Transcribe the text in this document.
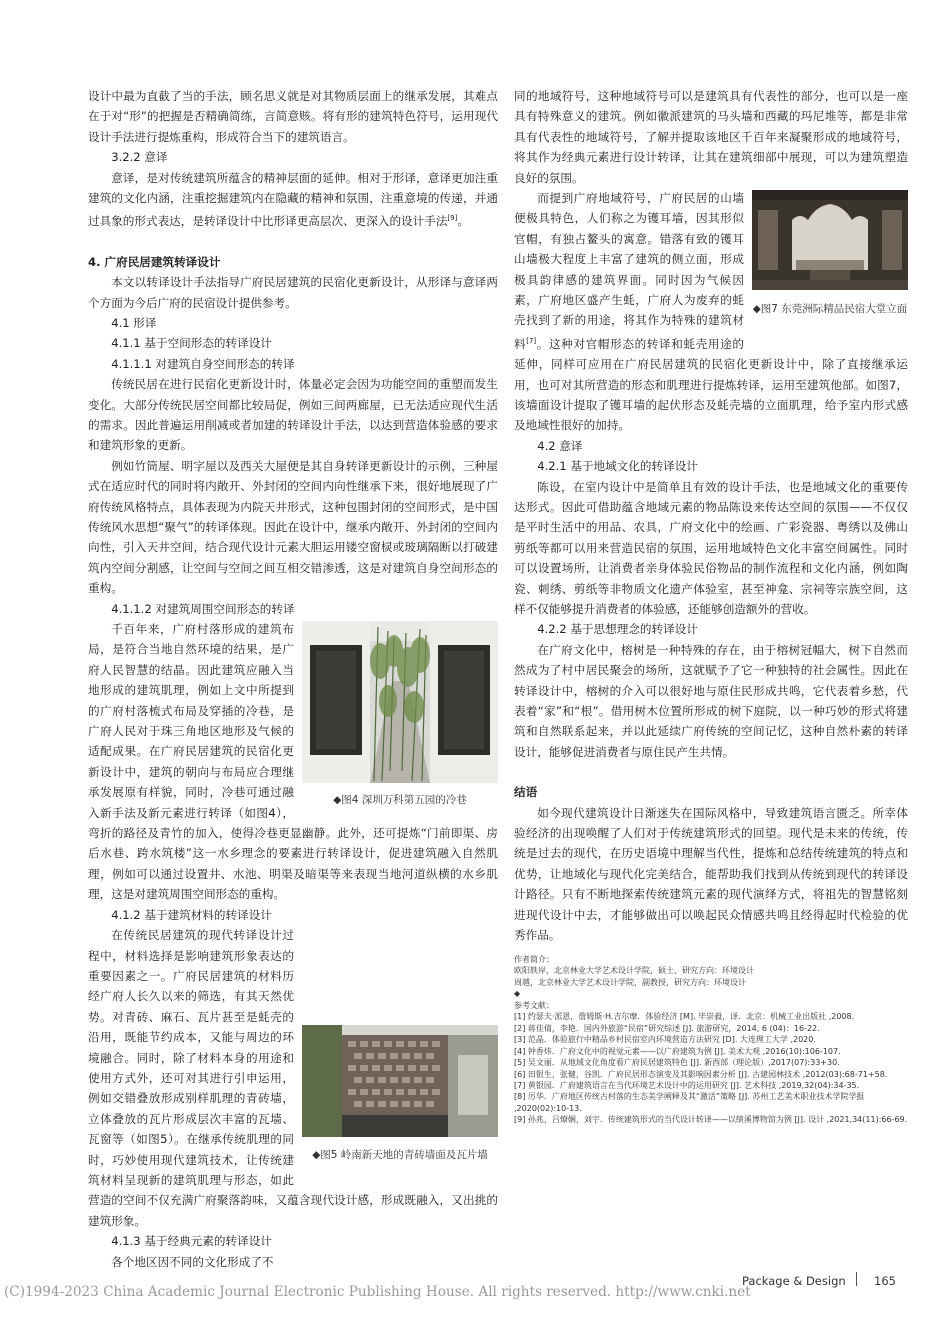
设计中最为直截了当的手法，顾名思义就是对其物质层面上的继承发展，其难点在于对“形”的把握是否精确简练，言简意赅。将有形的建筑特色符号，运用现代设计手法进行提炼重构，形成符合当下的建筑语言。

3.2.2 意译

意译，是对传统建筑所蕴含的精神层面的延伸。相对于形译，意译更加注重建筑的文化内涵，注重挖掘建筑内在隐藏的精神和氛围，注重意境的传递，并通过具象的形式表达，是转译设计中比形译更高层次、更深入的设计手法[9]。

4. 广府民居建筑转译设计

本文以转译设计手法指导广府民居建筑的民宿化更新设计，从形译与意译两个方面为今后广府的民宿设计提供参考。

4.1 形译
4.1.1 基于空间形态的转译设计
4.1.1.1 对建筑自身空间形态的转译

传统民居在进行民宿化更新设计时，体量必定会因为功能空间的重塑而发生变化。大部分传统民居空间都比较局促，例如三间两廊屋，已无法适应现代生活的需求。因此普遍运用削减或者加建的转译设计手法，以达到营造体验感的要求和建筑形象的更新。

例如竹筒屋、明字屋以及西关大屋便是其自身转译更新设计的示例，三种屋式在适应时代的同时将内敞开、外封闭的空间内向性继承下来，很好地展现了广府传统风格特点，具体表现为内院天井形式，这种包围封闭的空间形式，是中国传统风水思想“聚气”的转译体现。因此在设计中，继承内敞开、外封闭的空间内向性，引入天井空间，结合现代设计元素大胆运用镂空窗棂或玻璃隔断以打破建筑内空间分割感，让空间与空间之间互相交错渗透，这是对建筑自身空间形态的重构。

4.1.1.2 对建筑周围空间形态的转译
◆图4 深圳万科第五园的冷巷

千百年来，广府村落形成的建筑布局，是符合当地自然环境的结果，是广府人民智慧的结晶。因此建筑应融入当地形成的建筑肌理，例如上文中所提到的广府村落梳式布局及穿插的冷巷，是广府人民对于珠三角地区地形及气候的适配成果。在广府民居建筑的民宿化更新设计中，建筑的朝向与布局应合理继承发展原有样貌，同时，冷巷可通过融入新手法及新元素进行转译（如图4），弯折的路径及青竹的加入，使得冷巷更显幽静。此外，还可提炼“门前即渠、房后水巷、跨水筑楼”这一水乡理念的要素进行转译设计，促进建筑融入自然肌理，例如可以通过设置井、水池、明渠及暗渠等来表现当地河道纵横的水乡肌理，这是对建筑周围空间形态的重构。

4.1.2 基于建筑材料的转译设计
◆图5 岭南新天地的青砖墙面及瓦片墙

在传统民居建筑的现代转译设计过程中，材料选择是影响建筑形象表达的重要因素之一。广府民居建筑的材料历经广府人长久以来的筛选，有其天然优势。对青砖、麻石、瓦片甚至是蚝壳的沿用，既能节约成本，又能与周边的环境融合。同时，除了材料本身的用途和使用方式外，还可对其进行引申运用，例如交错叠放形成别样肌理的青砖墙，立体叠放的瓦片形成层次丰富的瓦墙、瓦窗等（如图5）。在继承传统肌理的同时，巧妙使用现代建筑技术，让传统建筑材料呈现新的建筑肌理与形态，如此营造的空间不仅充满广府聚落韵味，又蕴含现代设计感，形成既融入，又出挑的建筑形象。

4.1.3 基于经典元素的转译设计

各个地区因不同的文化形成了不

同的地域符号，这种地域符号可以是建筑具有代表性的部分，也可以是一座具有特殊意义的建筑。例如徽派建筑的马头墙和西藏的玛尼堆等，都是非常具有代表性的地域符号，了解并提取该地区千百年来凝聚形成的地域符号，将其作为经典元素进行设计转译，让其在建筑细部中展现，可以为建筑塑造良好的氛围。

◆图7 东莞洲际精品民宿大堂立面

而提到广府地域符号，广府民居的山墙便极具特色，人们称之为镬耳墙，因其形似官帽，有独占鳌头的寓意。错落有致的镬耳山墙极大程度上丰富了建筑的侧立面，形成极具韵律感的建筑界面。同时因为气候因素，广府地区盛产生蚝，广府人为废弃的蚝壳找到了新的用途，将其作为特殊的建筑材料[7]。这种对官帽形态的转译和蚝壳用途的延伸，同样可应用在广府民居建筑的民宿化更新设计中，除了直接继承运用，也可对其所营造的形态和肌理进行提炼转译，运用至建筑他部。如图7，该墙面设计提取了镬耳墙的起伏形态及蚝壳墙的立面肌理，给予室内形式感及地域性很好的加持。

4.2 意译
4.2.1 基于地域文化的转译设计

陈设，在室内设计中是简单且有效的设计手法，也是地域文化的重要传达形式。因此可借助蕴含地域元素的物品陈设来传达空间的氛围——不仅仅是平时生活中的用品、农具，广府文化中的绘画、广彩瓷器、粤绣以及佛山剪纸等都可以用来营造民宿的氛围，运用地域特色文化丰富空间属性。同时可以设置场所，让消费者亲身体验民俗物品的制作流程和文化内涵，例如陶瓷、刺绣、剪纸等非物质文化遗产体验室，甚至神龛、宗祠等宗族空间，这样不仅能够提升消费者的体验感，还能够创造额外的营收。

4.2.2 基于思想理念的转译设计

在广府文化中，榕树是一种特殊的存在，由于榕树冠幅大，树下自然而然成为了村中居民聚会的场所，这就赋予了它一种独特的社会属性。因此在转译设计中，榕树的介入可以很好地与原住民形成共鸣，它代表着乡愁，代表着“家”和“根”。借用树木位置所形成的树下庭院，以一种巧妙的形式将建筑和自然联系起来，并以此延续广府传统的空间记忆，这种自然朴素的转译设计，能够促进消费者与原住民产生共情。

结语

如今现代建筑设计日渐迷失在国际风格中，导致建筑语言匮乏。所幸体验经济的出现唤醒了人们对于传统建筑形式的回望。现代是未来的传统，传统是过去的现代，在历史语境中理解当代性，提炼和总结传统建筑的特点和优势，让地域化与现代化完美结合，能帮助我们找到从传统到现代的转译设计路径。只有不断地探索传统建筑元素的现代演绎方式，将祖先的智慧铭刻进现代设计中去，才能够做出可以唤起民众情感共鸣且经得起时代检验的优秀作品。

作者简介：
欧阳轶岸，北京林业大学艺术设计学院，硕士，研究方向：环境设计
周越，北京林业大学艺术设计学院，副教授，研究方向：环境设计
◆
参考文献：
[1] 约瑟夫·派恩，詹姆斯·H.吉尔摩．体验经济 [M]. 毕崇毅，译．北京：机械工业出版社 ,2008.
[2] 蒋佳倩，李艳．国内外旅游“民宿”研究综述 [J]. 旅游研究，2014, 6 (04)：16-22.
[3] 范晶．体验旅行中精品乡村民宿室内环境营造方法研究 [D]. 大连理工大学 ,2020.
[4] 钟香炜．广府文化中的视觉元素——以广府建筑为例 [J]. 美术大观 ,2016(10):106-107.
[5] 吴文丽．从地域文化角度看广府民居建筑特色 [J]. 新西部（理论版）,2017(07):33+30.
[6] 田银生，张健，谷凯．广府民居形态演变及其影响因素分析 [J]. 古建园林技术 ,2012(03):68-71+58.
[7] 黄银园．广府建筑语言在当代环境艺术设计中的运用研究 [J]. 艺术科技 ,2019,32(04):34-35.
[8] 厉华．广府地区传统古村落的生态美学阐释及其“激活”策略 [J]. 苏州工艺美术职业技术学院学报 ,2020(02):10-13.
[9] 孙兆，吕燎娴，刘宇．传统建筑形式的当代设计转译——以绩溪博物馆为例 [J]. 设计 ,2021,34(11):66-69.
Package & Design 165
(C)1994-2023 China Academic Journal Electronic Publishing House. All rights reserved. http://www.cnki.net
